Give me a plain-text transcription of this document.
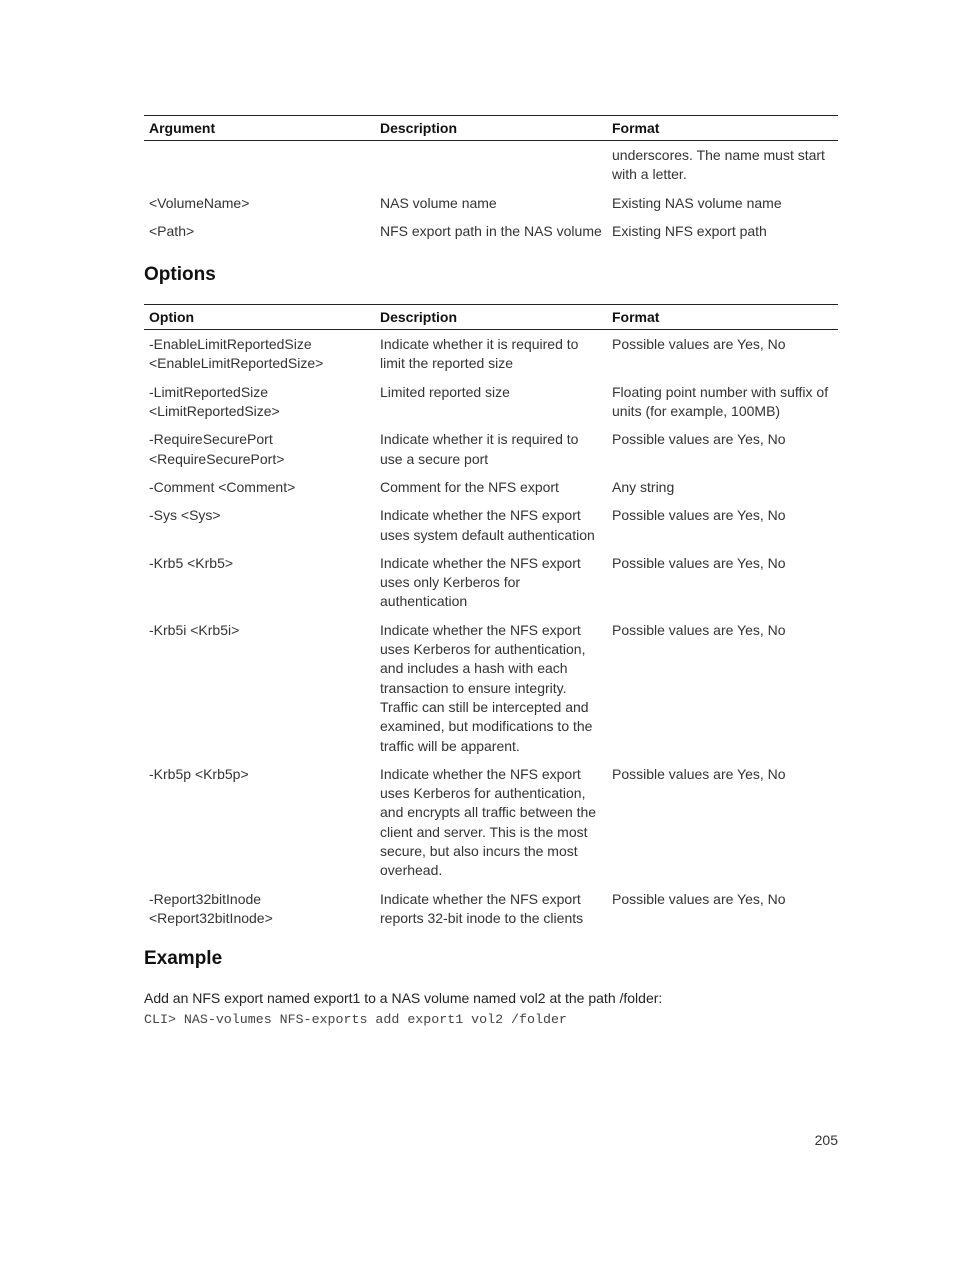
Argument	Description	Format
		underscores. The name must start with a letter.
<VolumeName>	NAS volume name	Existing NAS volume name
<Path>	NFS export path in the NAS volume	Existing NFS export path
Options
Option	Description	Format
-EnableLimitReportedSize <EnableLimitReportedSize>	Indicate whether it is required to limit the reported size	Possible values are Yes, No
-LimitReportedSize <LimitReportedSize>	Limited reported size	Floating point number with suffix of units (for example, 100MB)
-RequireSecurePort <RequireSecurePort>	Indicate whether it is required to use a secure port	Possible values are Yes, No
-Comment <Comment>	Comment for the NFS export	Any string
-Sys <Sys>	Indicate whether the NFS export uses system default authentication	Possible values are Yes, No
-Krb5 <Krb5>	Indicate whether the NFS export uses only Kerberos for authentication	Possible values are Yes, No
-Krb5i <Krb5i>	Indicate whether the NFS export uses Kerberos for authentication, and includes a hash with each transaction to ensure integrity. Traffic can still be intercepted and examined, but modifications to the traffic will be apparent.	Possible values are Yes, No
-Krb5p <Krb5p>	Indicate whether the NFS export uses Kerberos for authentication, and encrypts all traffic between the client and server. This is the most secure, but also incurs the most overhead.	Possible values are Yes, No
-Report32bitInode <Report32bitInode>	Indicate whether the NFS export reports 32-bit inode to the clients	Possible values are Yes, No
Example
Add an NFS export named export1 to a NAS volume named vol2 at the path /folder:
CLI> NAS-volumes NFS-exports add export1 vol2 /folder
205
